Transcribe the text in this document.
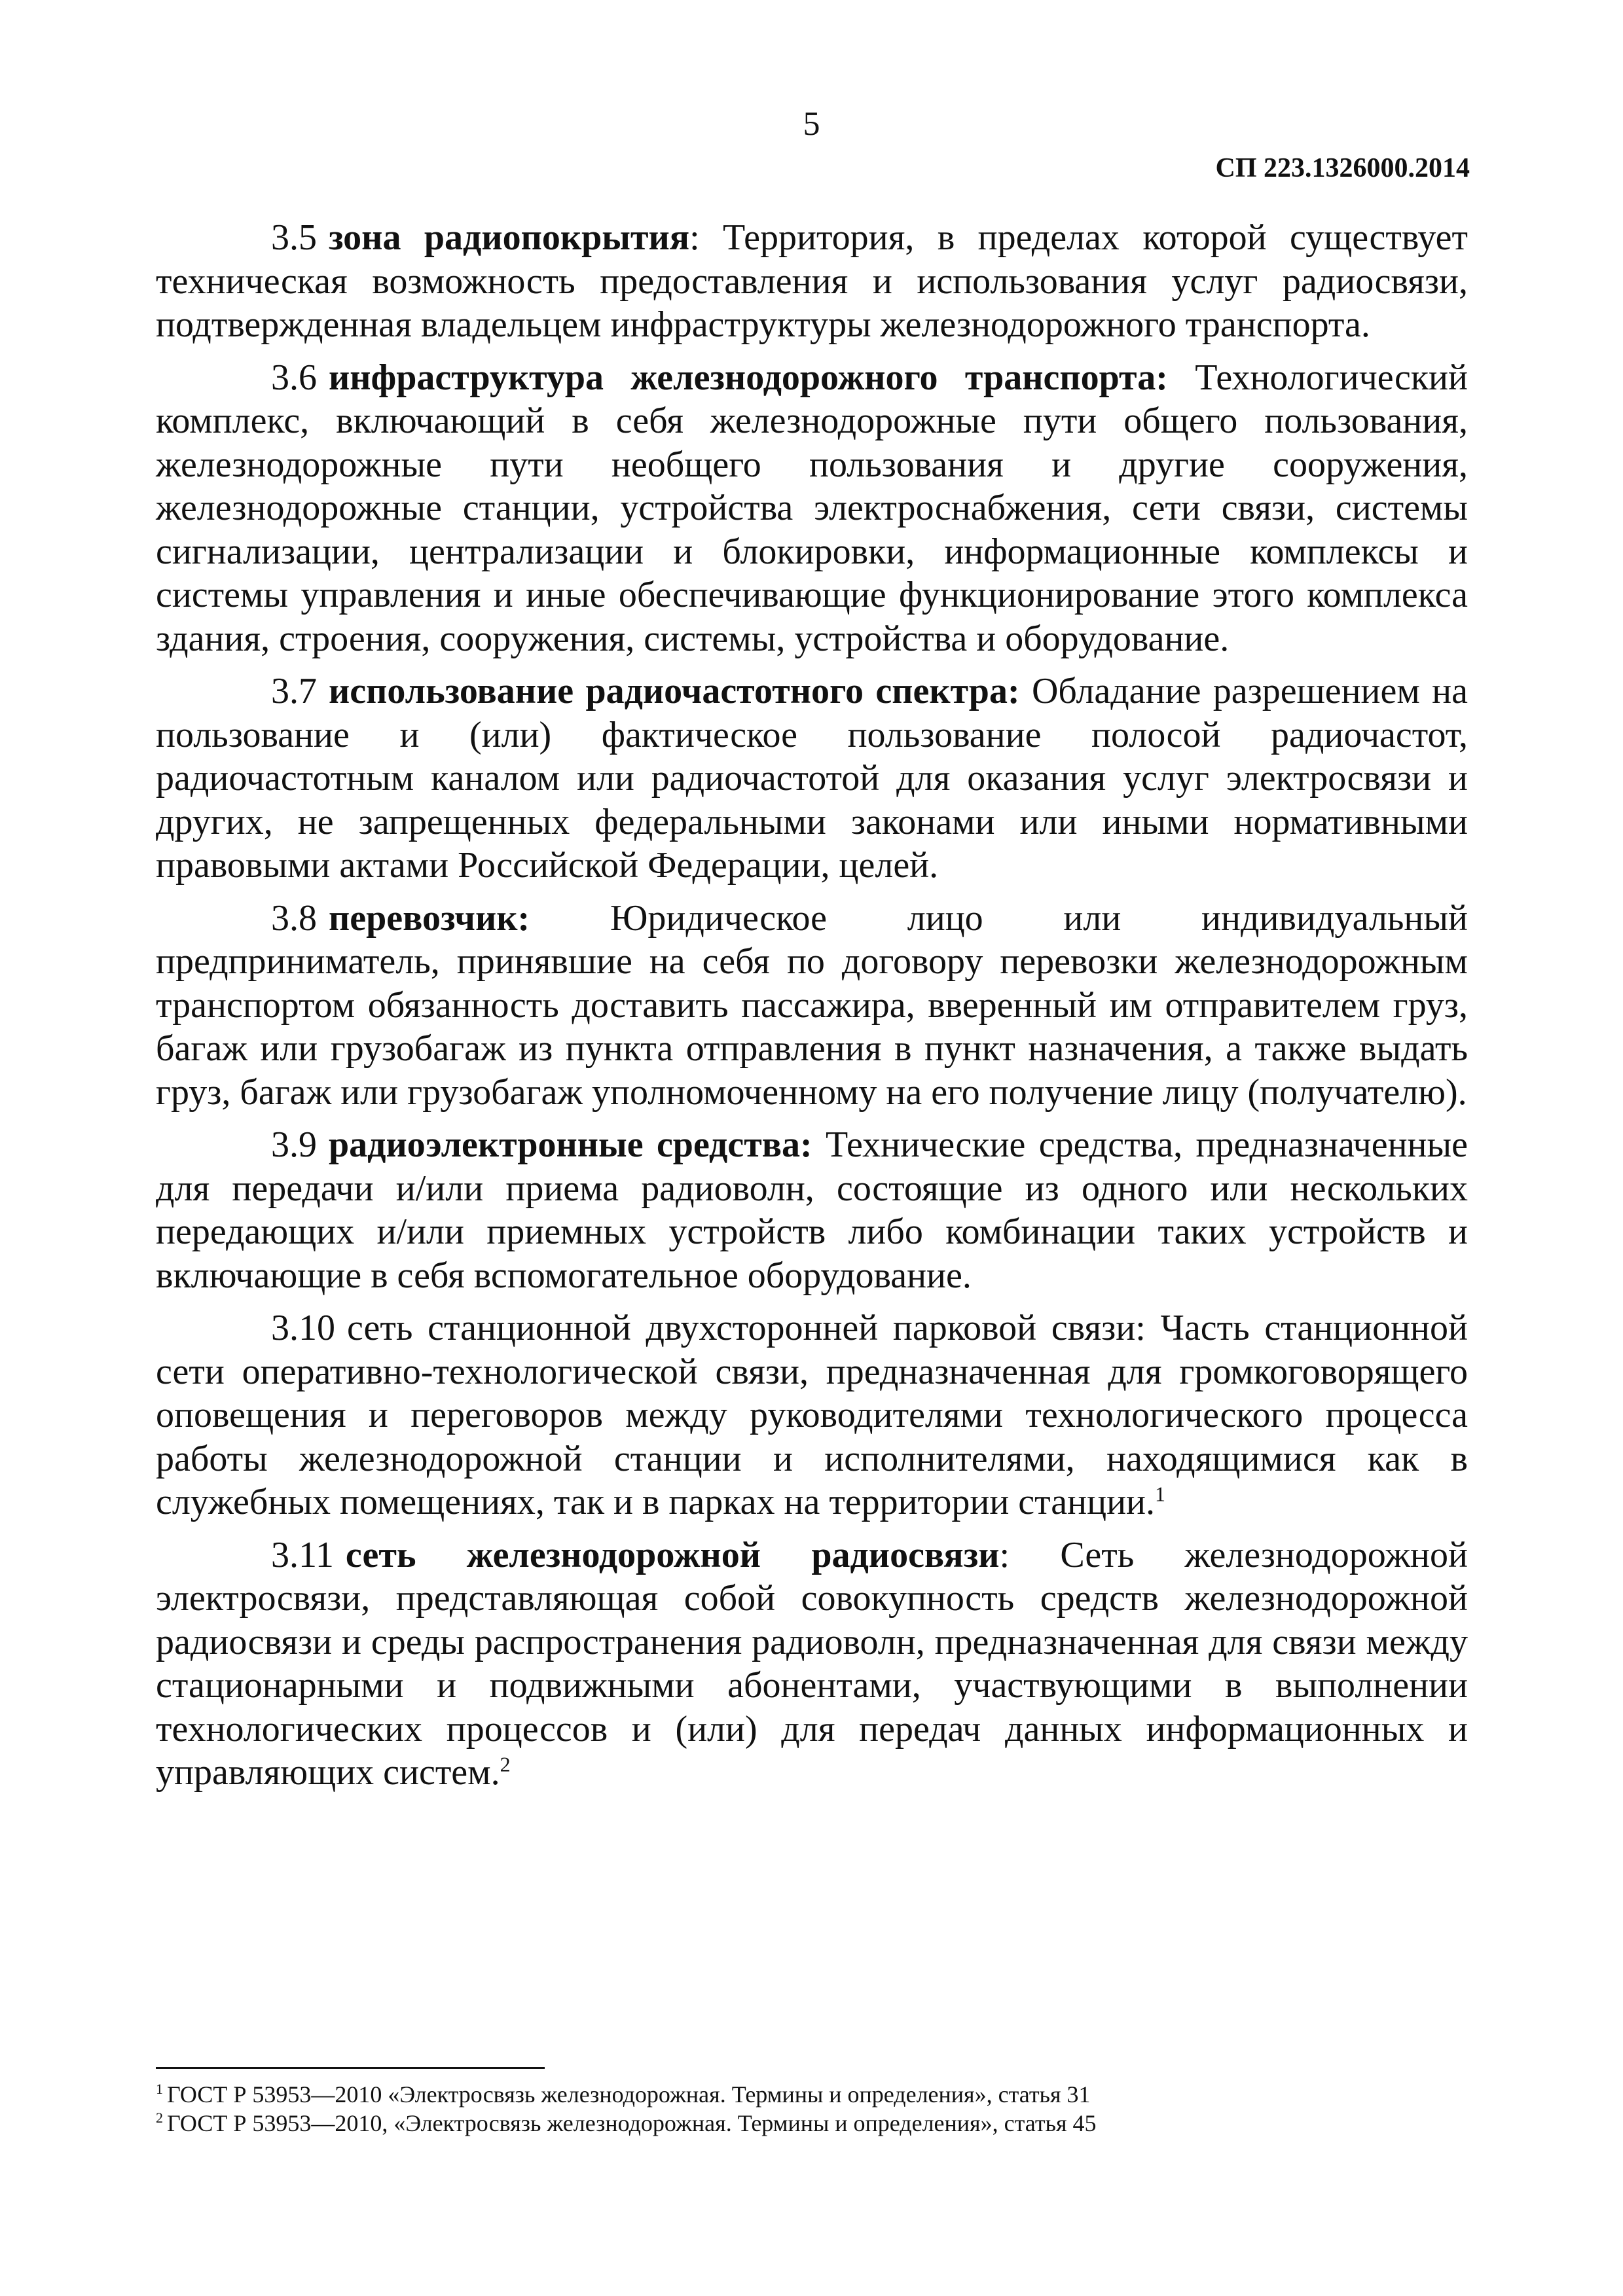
5
СП 223.1326000.2014

3.5 зона радиопокрытия: Территория, в пределах которой существует техническая возможность предоставления и использования услуг радиосвязи, подтвержденная владельцем инфраструктуры железнодорожного транспорта.

3.6 инфраструктура железнодорожного транспорта: Технологический комплекс, включающий в себя железнодорожные пути общего пользования, железнодорожные пути необщего пользования и другие сооружения, железнодорожные станции, устройства электроснабжения, сети связи, системы сигнализации, централизации и блокировки, информационные комплексы и системы управления и иные обеспечивающие функционирование этого комплекса здания, строения, сооружения, системы, устройства и оборудование.

3.7 использование радиочастотного спектра: Обладание разрешением на пользование и (или) фактическое пользование полосой радиочастот, радиочастотным каналом или радиочастотой для оказания услуг электросвязи и других, не запрещенных федеральными законами или иными нормативными правовыми актами Российской Федерации, целей.

3.8 перевозчик: Юридическое лицо или индивидуальный предприниматель, принявшие на себя по договору перевозки железнодорожным транспортом обязанность доставить пассажира, вверенный им отправителем груз, багаж или грузобагаж из пункта отправления в пункт назначения, а также выдать груз, багаж или грузобагаж уполномоченному на его получение лицу (получателю).

3.9 радиоэлектронные средства: Технические средства, предназначенные для передачи и/или приема радиоволн, состоящие из одного или нескольких передающих и/или приемных устройств либо комбинации таких устройств и включающие в себя вспомогательное оборудование.

3.10 сеть станционной двухсторонней парковой связи: Часть станционной сети оперативно-технологической связи, предназначенная для громкоговорящего оповещения и переговоров между руководителями технологического процесса работы железнодорожной станции и исполнителями, находящимися как в служебных помещениях, так и в парках на территории станции.$^1$

3.11 сеть железнодорожной радиосвязи: Сеть железнодорожной электросвязи, представляющая собой совокупность средств железнодорожной радиосвязи и среды распространения радиоволн, предназначенная для связи между стационарными и подвижными абонентами, участвующими в выполнении технологических процессов и (или) для передач данных информационных и управляющих систем.$^2$

$^1$ ГОСТ Р 53953—2010 «Электросвязь железнодорожная. Термины и определения», статья 31

$^2$ ГОСТ Р 53953—2010, «Электросвязь железнодорожная. Термины и определения», статья 45
